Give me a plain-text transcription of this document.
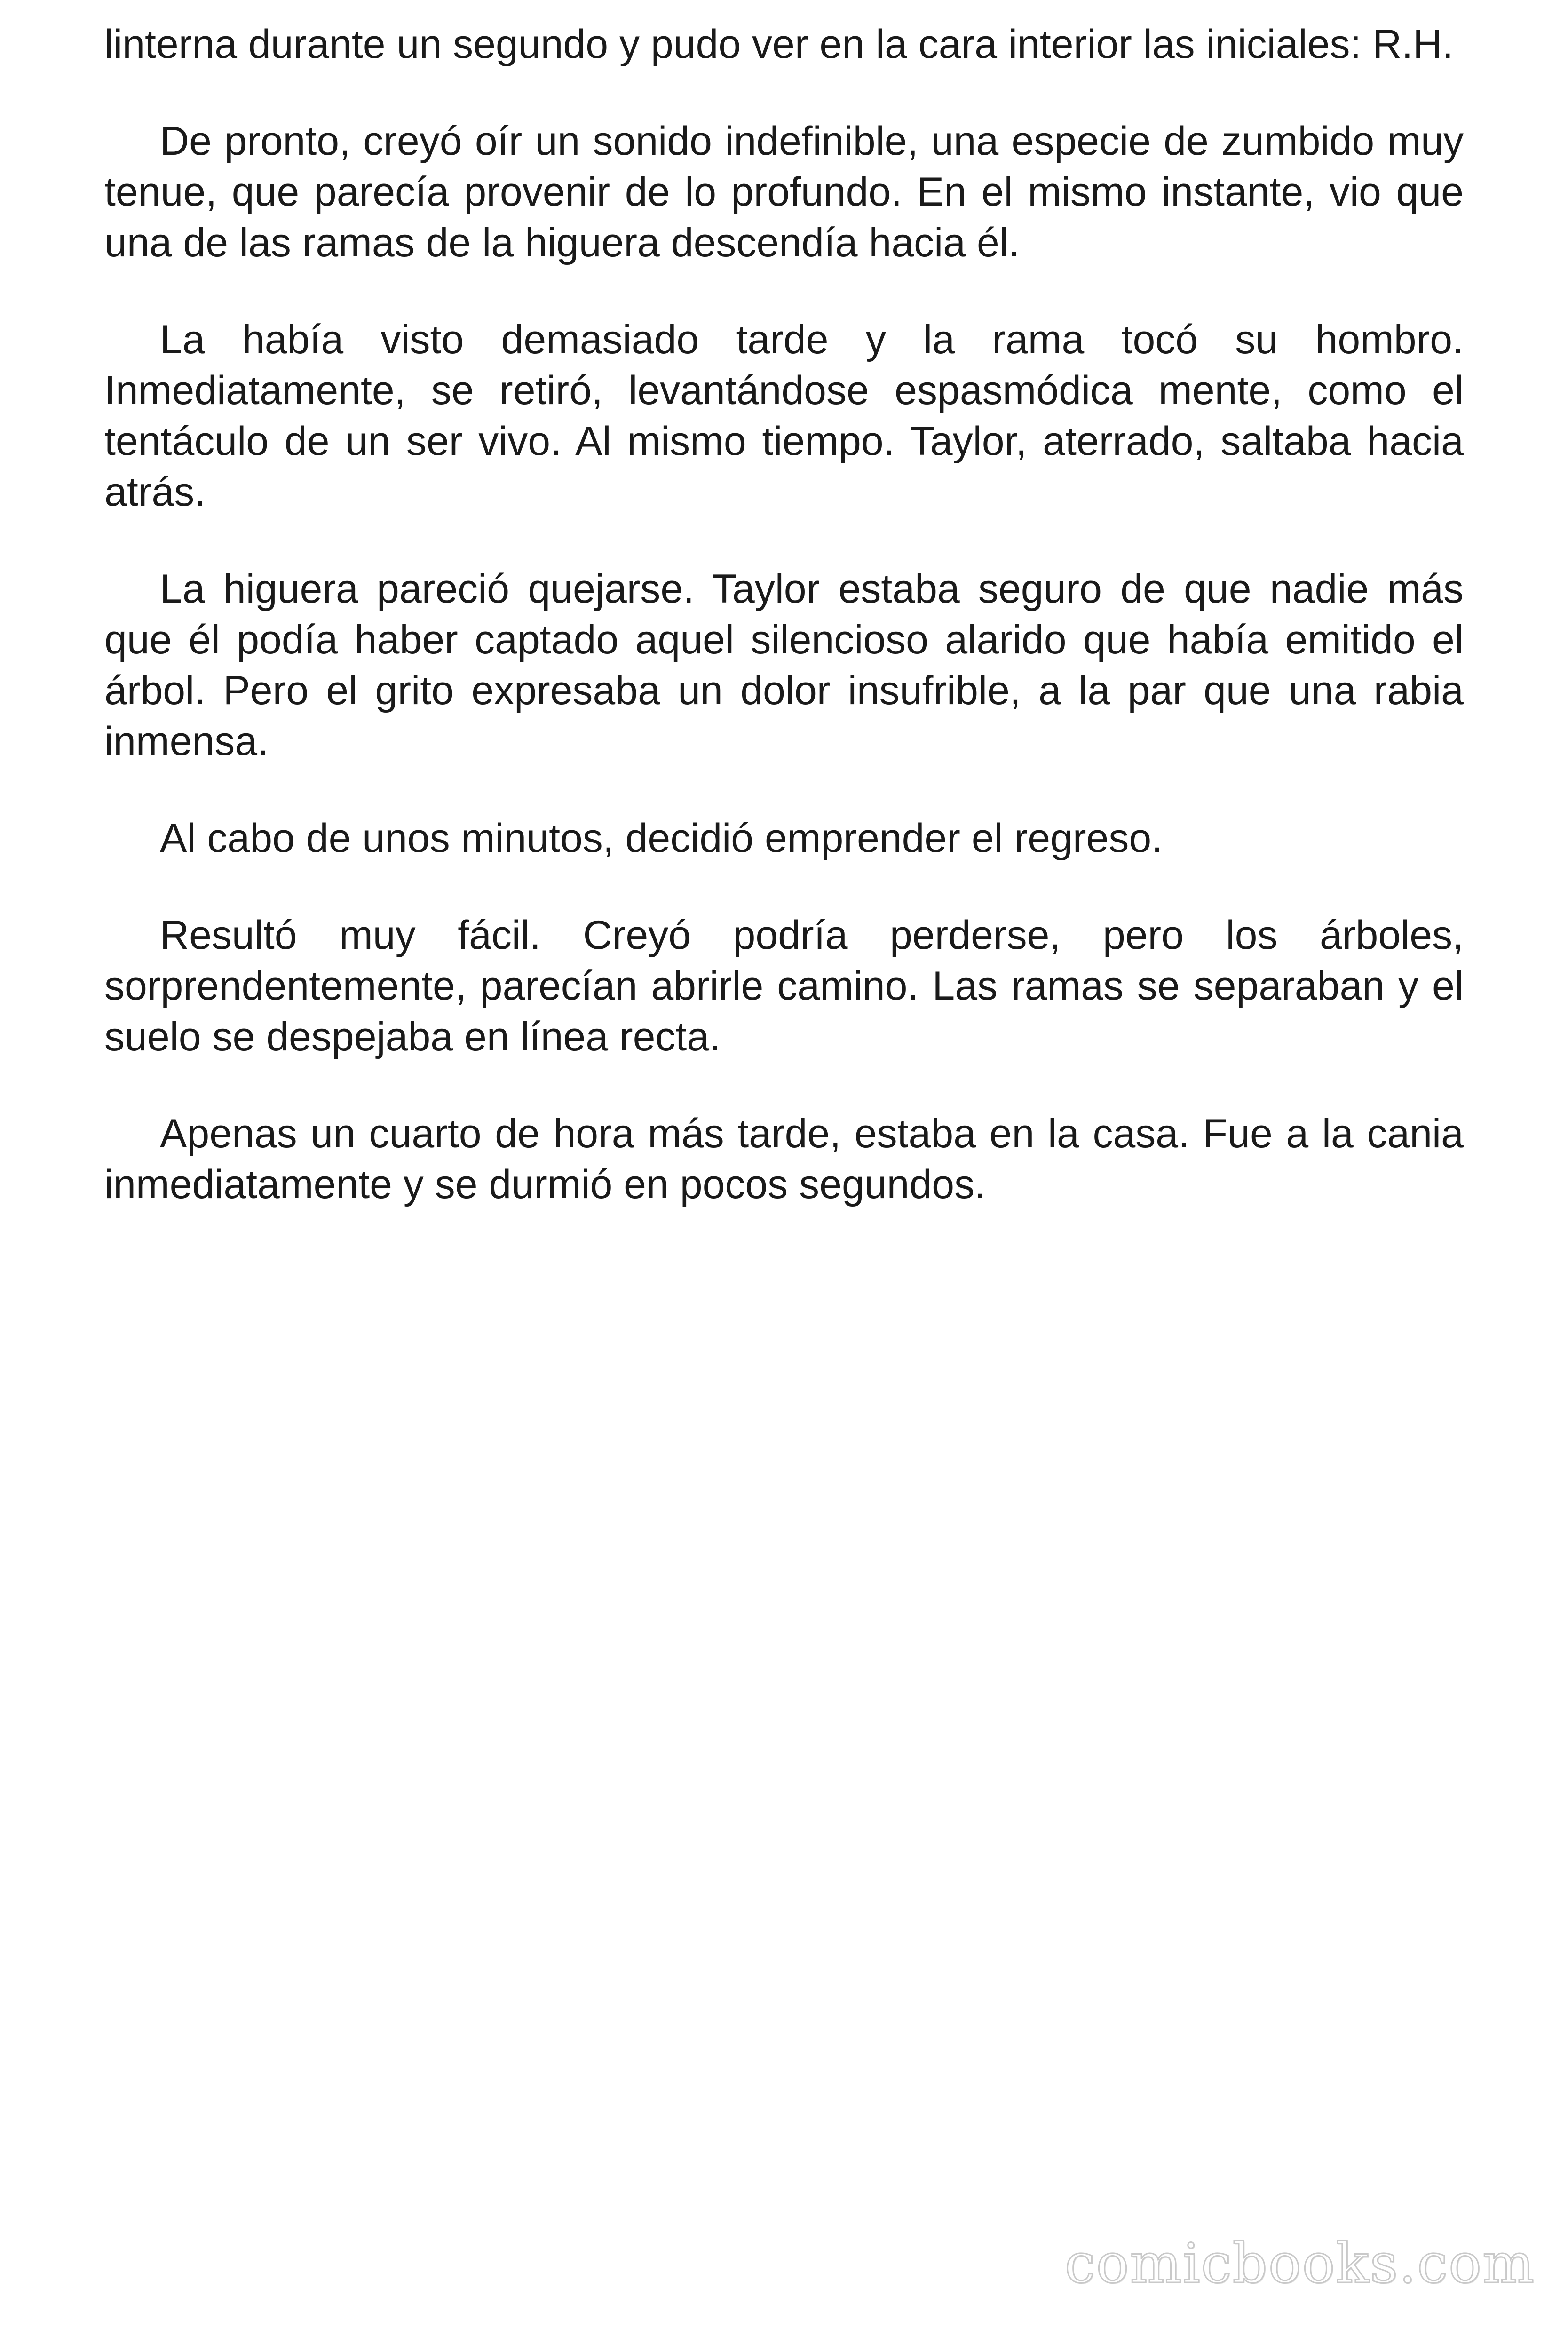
linterna durante un segundo y pudo ver en la cara interior las iniciales: R.H.

De pronto, creyó oír un sonido indefinible, una especie de zumbido muy tenue, que parecía provenir de lo profundo. En el mismo instante, vio que una de las ramas de la higuera descendía hacia él.

La había visto demasiado tarde y la rama tocó su hombro. Inmediatamente, se retiró, levantándose espasmódica mente, como el tentáculo de un ser vivo. Al mismo tiempo. Taylor, aterrado, saltaba hacia atrás.

La higuera pareció quejarse. Taylor estaba seguro de que nadie más que él podía haber captado aquel silencioso alarido que había emitido el árbol. Pero el grito expresaba un dolor insufrible, a la par que una rabia inmensa.

Al cabo de unos minutos, decidió emprender el regreso.

Resultó muy fácil. Creyó podría perderse, pero los árboles, sorprendentemente, parecían abrirle camino. Las ramas se separaban y el suelo se despejaba en línea recta.

Apenas un cuarto de hora más tarde, estaba en la casa. Fue a la cania inmediatamente y se durmió en pocos segundos.

comicbooks.com
